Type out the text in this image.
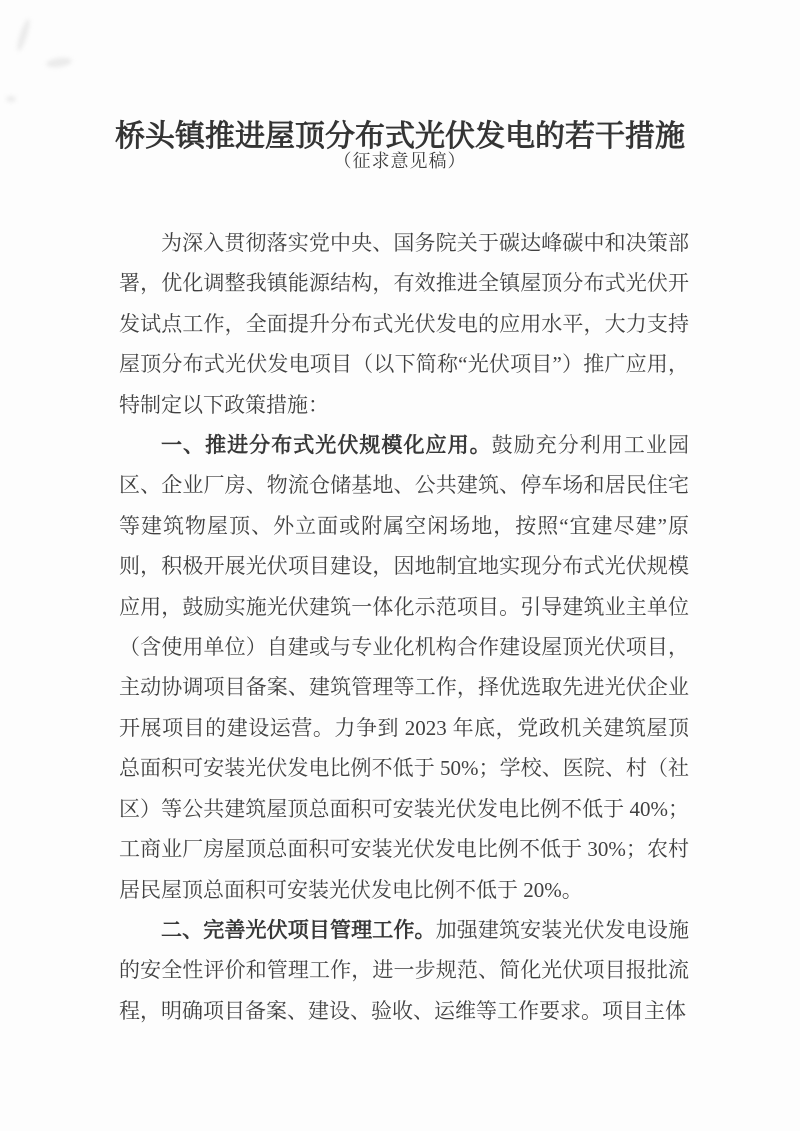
桥头镇推进屋顶分布式光伏发电的若干措施
（征求意见稿）

为深入贯彻落实党中央、国务院关于碳达峰碳中和决策部署，优化调整我镇能源结构，有效推进全镇屋顶分布式光伏开发试点工作，全面提升分布式光伏发电的应用水平，大力支持屋顶分布式光伏发电项目（以下简称“光伏项目”）推广应用，特制定以下政策措施：

一、推进分布式光伏规模化应用。鼓励充分利用工业园区、企业厂房、物流仓储基地、公共建筑、停车场和居民住宅等建筑物屋顶、外立面或附属空闲场地，按照“宜建尽建”原则，积极开展光伏项目建设，因地制宜地实现分布式光伏规模应用，鼓励实施光伏建筑一体化示范项目。引导建筑业主单位（含使用单位）自建或与专业化机构合作建设屋顶光伏项目，主动协调项目备案、建筑管理等工作，择优选取先进光伏企业开展项目的建设运营。力争到 2023 年底，党政机关建筑屋顶总面积可安装光伏发电比例不低于 50%；学校、医院、村（社区）等公共建筑屋顶总面积可安装光伏发电比例不低于 40%；工商业厂房屋顶总面积可安装光伏发电比例不低于 30%；农村居民屋顶总面积可安装光伏发电比例不低于 20%。

二、完善光伏项目管理工作。加强建筑安装光伏发电设施的安全性评价和管理工作，进一步规范、简化光伏项目报批流程，明确项目备案、建设、验收、运维等工作要求。项目主体
